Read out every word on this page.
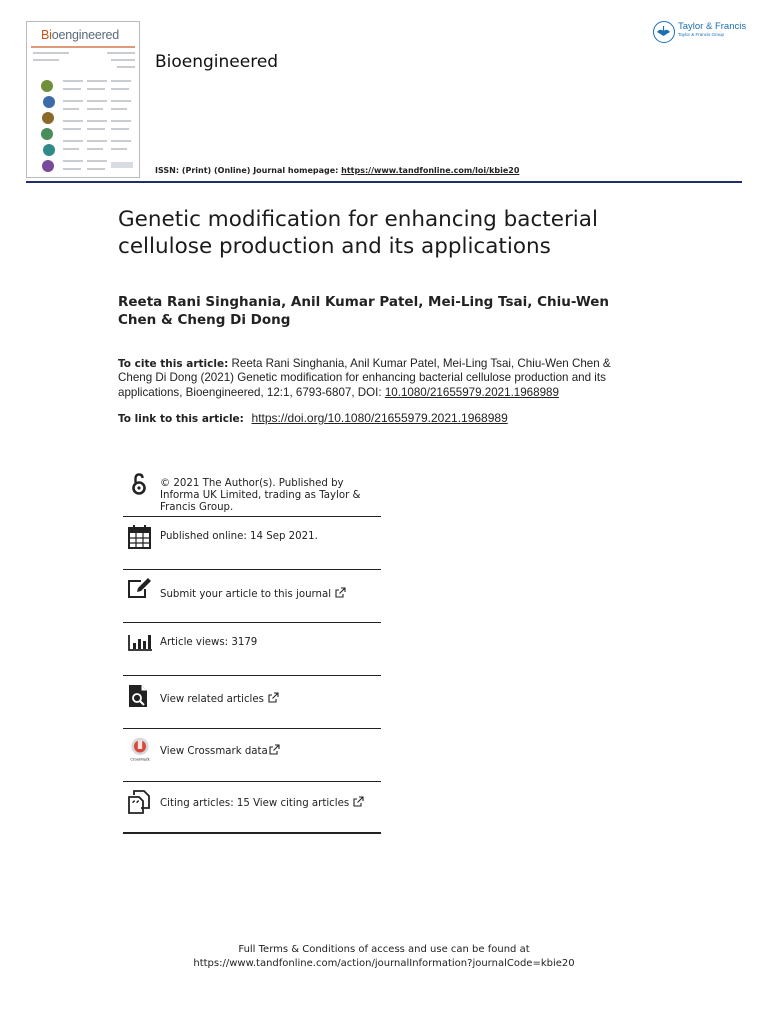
Bioengineered
Bioengineered
ISSN: (Print) (Online) Journal homepage: https://www.tandfonline.com/loi/kbie20
Taylor & Francis
Taylor & Francis Group
Genetic modification for enhancing bacterial cellulose production and its applications
Reeta Rani Singhania, Anil Kumar Patel, Mei-Ling Tsai, Chiu-Wen Chen & Cheng Di Dong
To cite this article: Reeta Rani Singhania, Anil Kumar Patel, Mei-Ling Tsai, Chiu-Wen Chen & Cheng Di Dong (2021) Genetic modification for enhancing bacterial cellulose production and its applications, Bioengineered, 12:1, 6793-6807, DOI: 10.1080/21655979.2021.1968989
To link to this article: https://doi.org/10.1080/21655979.2021.1968989
© 2021 The Author(s). Published by Informa UK Limited, trading as Taylor & Francis Group.
Published online: 14 Sep 2021.
Submit your article to this journal
Article views: 3179
View related articles
CrossMark
View Crossmark data
Citing articles: 15 View citing articles
Full Terms & Conditions of access and use can be found at
https://www.tandfonline.com/action/journalInformation?journalCode=kbie20
